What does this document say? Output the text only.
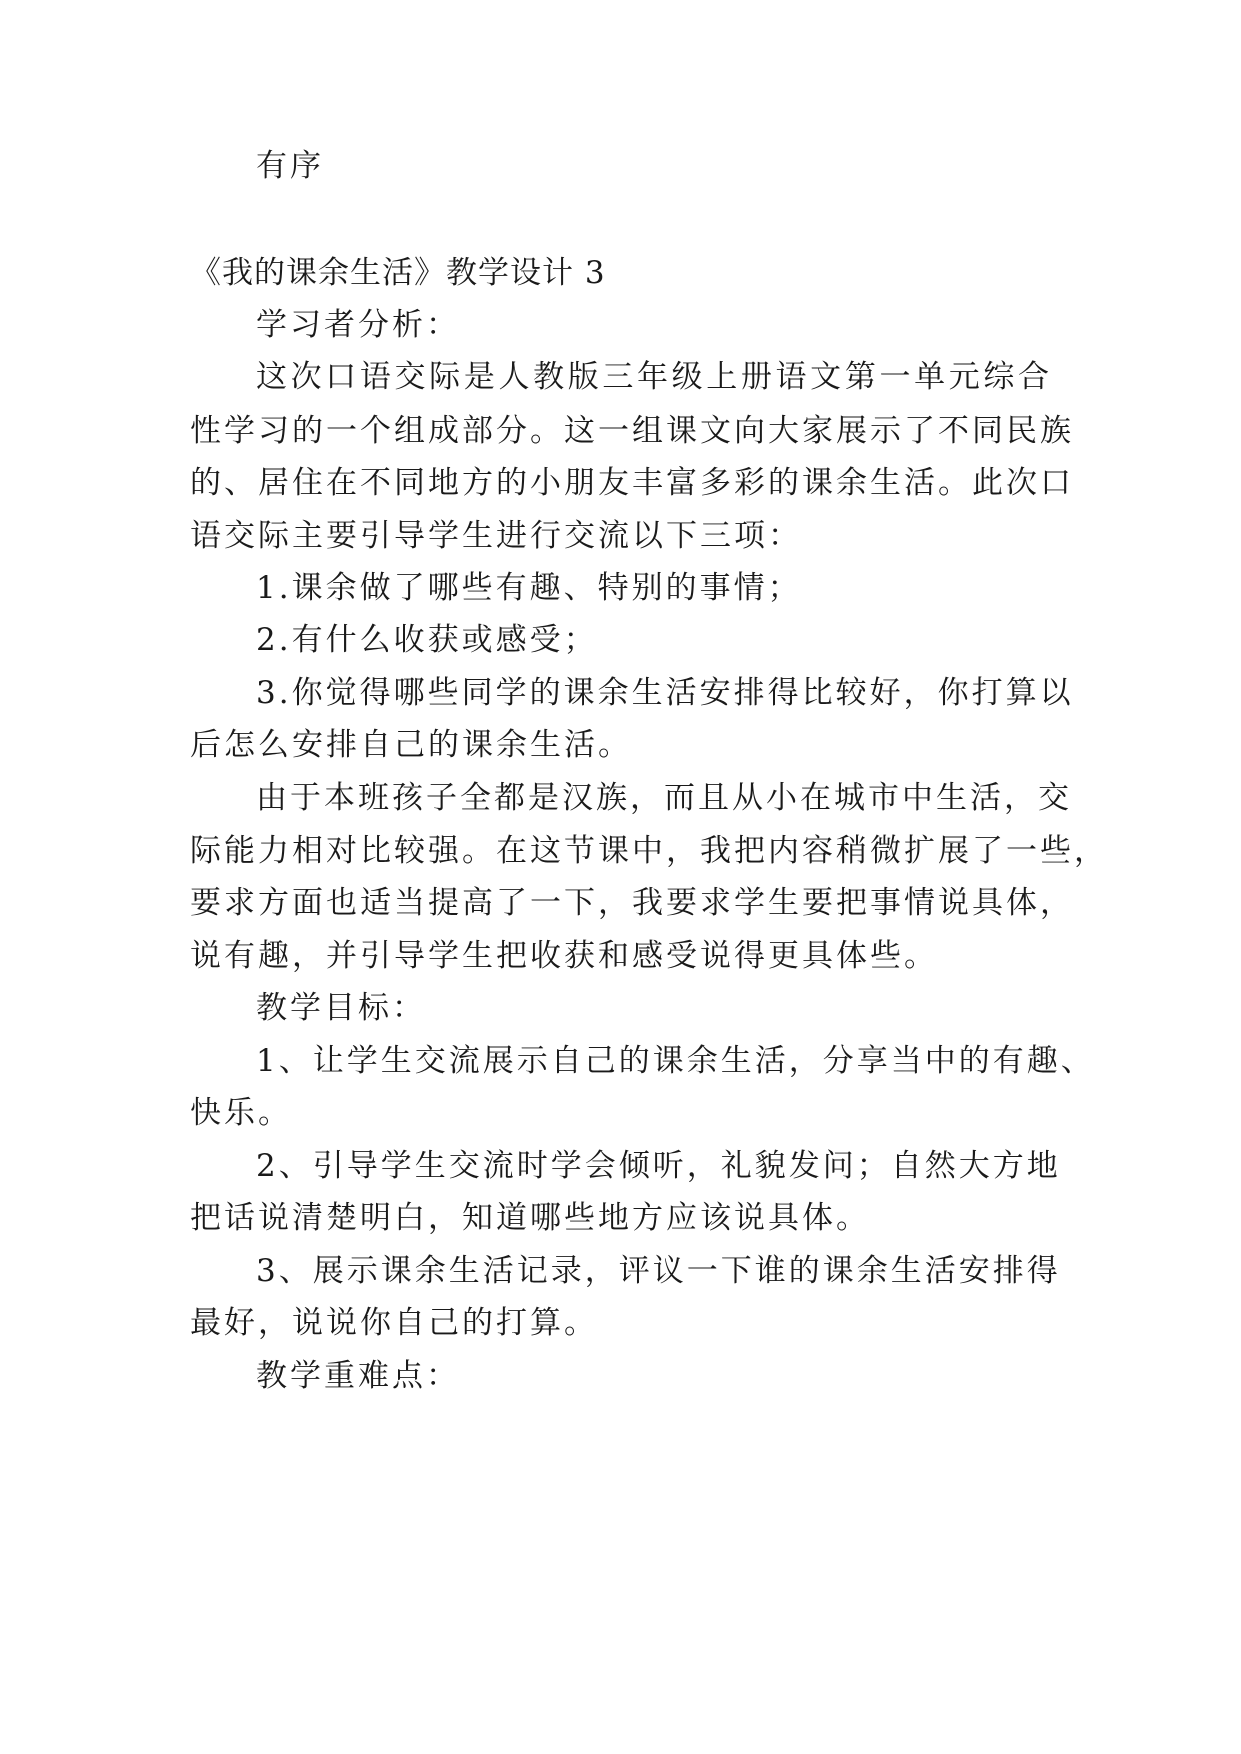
有序
《我的课余生活》教学设计 3
学习者分析：
这次口语交际是人教版三年级上册语文第一单元综合
性学习的一个组成部分。这一组课文向大家展示了不同民族
的、居住在不同地方的小朋友丰富多彩的课余生活。此次口
语交际主要引导学生进行交流以下三项：
1.课余做了哪些有趣、特别的事情；
2.有什么收获或感受；
3.你觉得哪些同学的课余生活安排得比较好，你打算以
后怎么安排自己的课余生活。
由于本班孩子全都是汉族，而且从小在城市中生活，交
际能力相对比较强。在这节课中，我把内容稍微扩展了一些，
要求方面也适当提高了一下，我要求学生要把事情说具体，
说有趣，并引导学生把收获和感受说得更具体些。
教学目标：
1、让学生交流展示自己的课余生活，分享当中的有趣、
快乐。
2、引导学生交流时学会倾听，礼貌发问；自然大方地
把话说清楚明白，知道哪些地方应该说具体。
3、展示课余生活记录，评议一下谁的课余生活安排得
最好，说说你自己的打算。
教学重难点：
